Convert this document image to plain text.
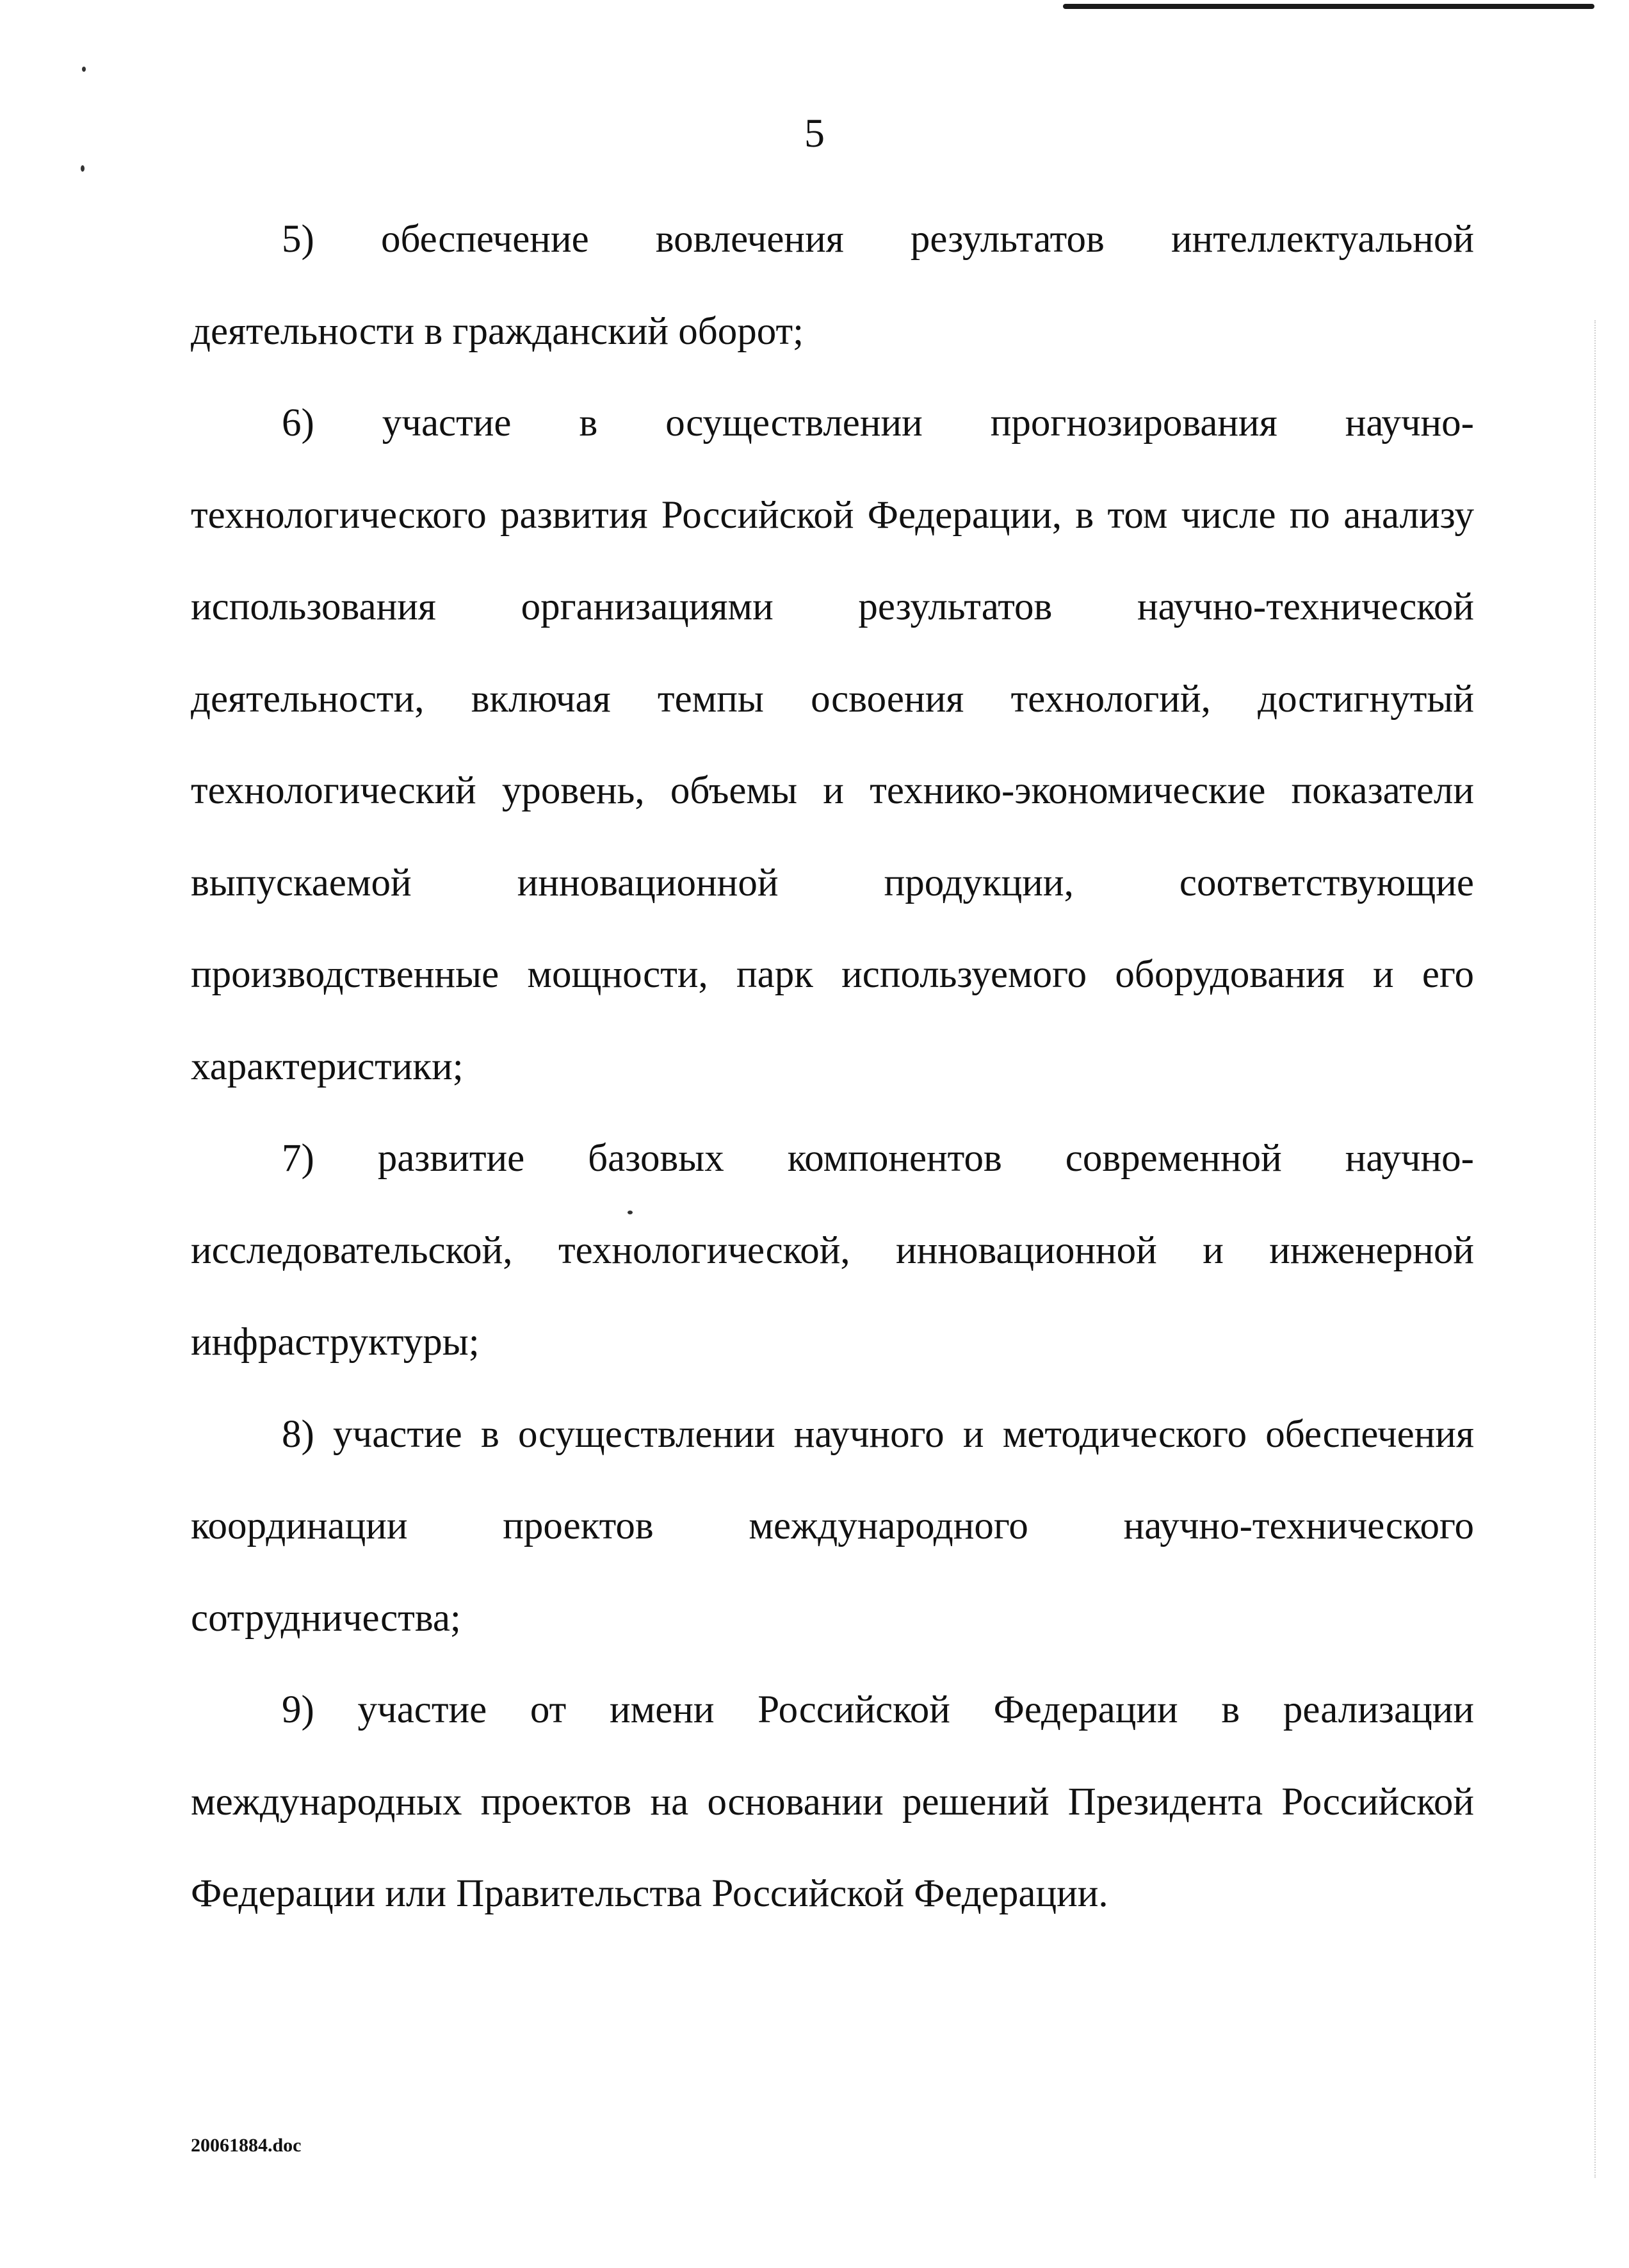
5

5) обеспечение вовлечения результатов интеллектуальной деятельности в гражданский оборот;

6) участие в осуществлении прогнозирования научно-технологического развития Российской Федерации, в том числе по анализу использования организациями результатов научно-технической деятельности, включая темпы освоения технологий, достигнутый технологический уровень, объемы и технико-экономические показатели выпускаемой инновационной продукции, соответствующие производственные мощности, парк используемого оборудования и его характеристики;

7) развитие базовых компонентов современной научно-исследовательской, технологической, инновационной и инженерной инфраструктуры;

8) участие в осуществлении научного и методического обеспечения координации проектов международного научно-технического сотрудничества;

9) участие от имени Российской Федерации в реализации международных проектов на основании решений Президента Российской Федерации или Правительства Российской Федерации.

20061884.doc
